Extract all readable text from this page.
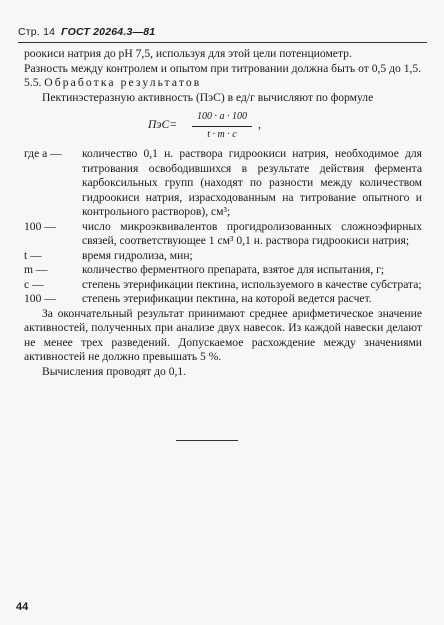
Стр. 14 ГОСТ 20264.3—81

роокиси натрия до pH 7,5, используя для этой цели потенциометр.

Разность между контролем и опытом при титровании должна быть от 0,5 до 1,5.

5.5. Обработка результатов

Пектинэстеразную активность (ПэС) в ед/г вычисляют по формуле

$ПэС= \frac{100 \cdot a \cdot 100}{t \cdot m \cdot c}$ ,
где a —	количество 0,1 н. раствора гидроокиси натрия, необходимое для титрования освободившихся в результате действия фермента карбоксильных групп (находят по разности между количеством гидроокиси натрия, израсходованным на титрование опытного и контрольного растворов), см³;
100 —	число микроэквивалентов прогидролизованных сложноэфирных связей, соответствующее 1 см³ 0,1 н. раствора гидроокиси натрия;
t —	время гидролиза, мин;
m —	количество ферментного препарата, взятое для испытания, г;
c —	степень этерификации пектина, используемого в качестве субстрата;
100 —	степень этерификации пектина, на которой ведется расчет.

За окончательный результат принимают среднее арифметическое значение активностей, полученных при анализе двух навесок. Из каждой навески делают не менее трех разведений. Допускаемое расхождение между значениями активностей не должно превышать 5 %.

Вычисления проводят до 0,1.

44
